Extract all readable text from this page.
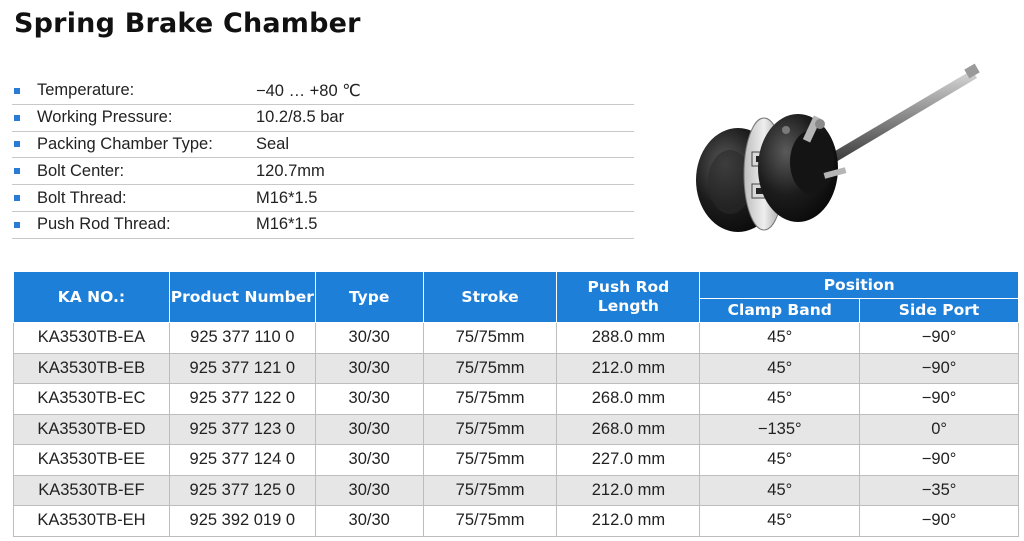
Spring Brake Chamber
Temperature:	−40 … +80 ℃
Working Pressure:	10.2/8.5 bar
Packing Chamber Type:	Seal
Bolt Center:	120.7mm
Bolt Thread:	M16*1.5
Push Rod Thread:	M16*1.5
KA NO.:	Product Number	Type	Stroke	Push Rod Length	Position	
					Clamp Band	Side Port
KA3530TB-EA	925 377 110 0	30/30	75/75mm	288.0 mm	45°	−90°
KA3530TB-EB	925 377 121 0	30/30	75/75mm	212.0 mm	45°	−90°
KA3530TB-EC	925 377 122 0	30/30	75/75mm	268.0 mm	45°	−90°
KA3530TB-ED	925 377 123 0	30/30	75/75mm	268.0 mm	−135°	0°
KA3530TB-EE	925 377 124 0	30/30	75/75mm	227.0 mm	45°	−90°
KA3530TB-EF	925 377 125 0	30/30	75/75mm	212.0 mm	45°	−35°
KA3530TB-EH	925 392 019 0	30/30	75/75mm	212.0 mm	45°	−90°
